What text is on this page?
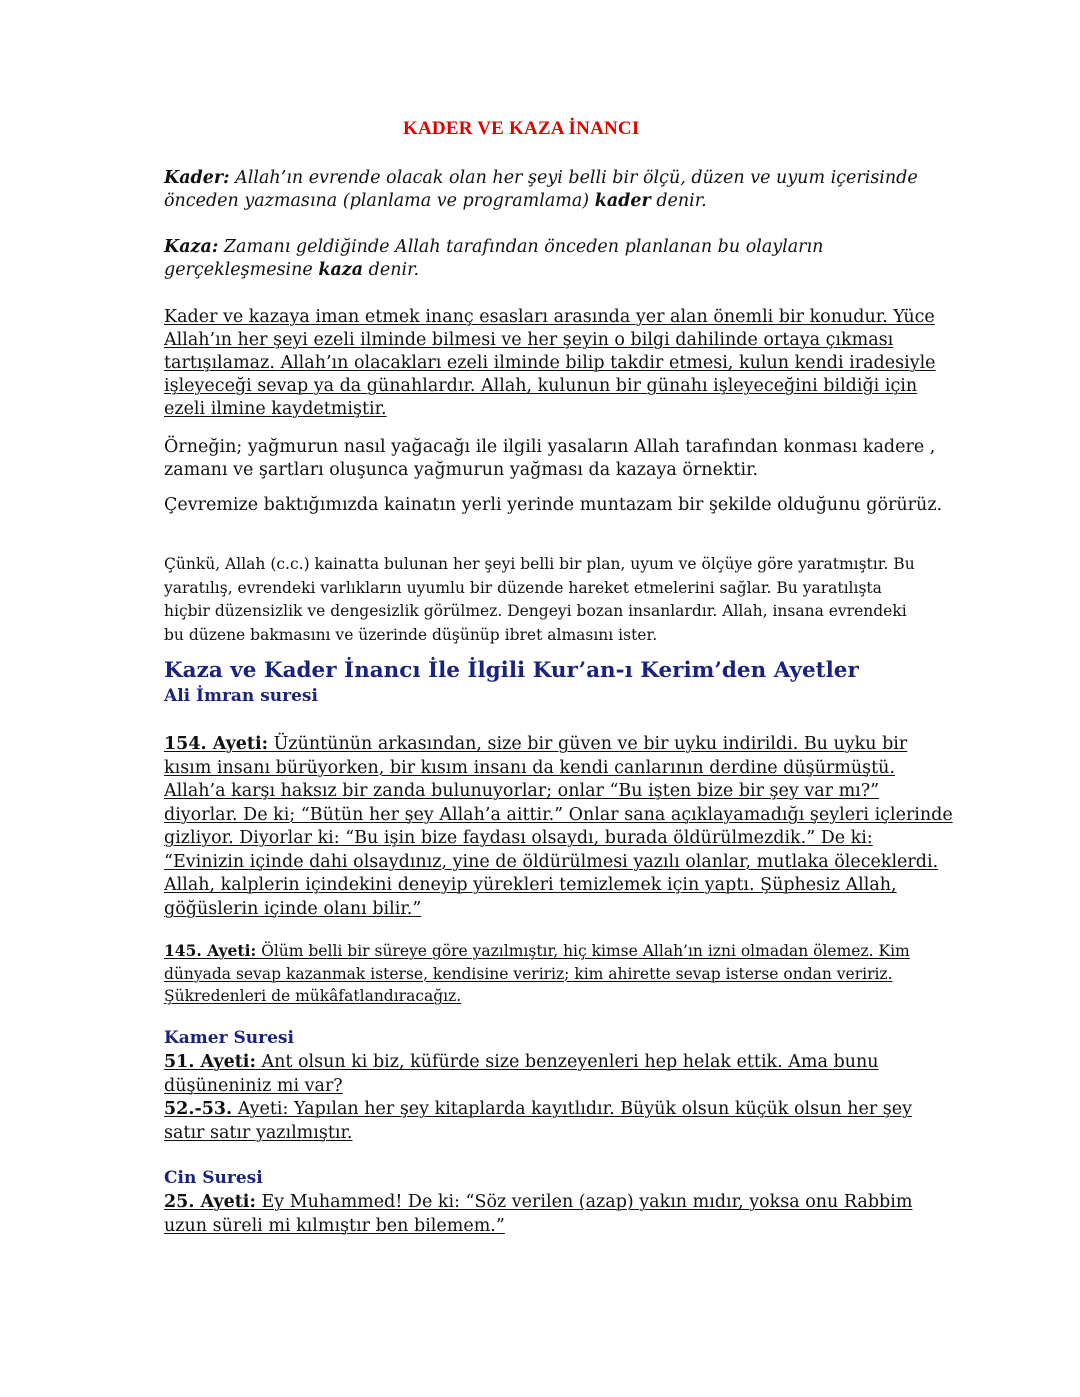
KADER VE KAZA İNANCI
Kader: Allah’ın evrende olacak olan her şeyi belli bir ölçü, düzen ve uyum içerisinde
önceden yazmasına (planlama ve programlama) kader denir.
Kaza: Zamanı geldiğinde Allah tarafından önceden planlanan bu olayların
gerçekleşmesine kaza denir.
Kader ve kazaya iman etmek inanç esasları arasında yer alan önemli bir konudur. Yüce
Allah’ın her şeyi ezeli ilminde bilmesi ve her şeyin o bilgi dahilinde ortaya çıkması
tartışılamaz. Allah’ın olacakları ezeli ilminde bilip takdir etmesi, kulun kendi iradesiyle
işleyeceği sevap ya da günahlardır. Allah, kulunun bir günahı işleyeceğini bildiği için
ezeli ilmine kaydetmiştir.
Örneğin; yağmurun nasıl yağacağı ile ilgili yasaların Allah tarafından konması kadere ,
zamanı ve şartları oluşunca yağmurun yağması da kazaya örnektir.
Çevremize baktığımızda kainatın yerli yerinde muntazam bir şekilde olduğunu görürüz.
Çünkü, Allah (c.c.) kainatta bulunan her şeyi belli bir plan, uyum ve ölçüye göre yaratmıştır. Bu
yaratılış, evrendeki varlıkların uyumlu bir düzende hareket etmelerini sağlar. Bu yaratılışta
hiçbir düzensizlik ve dengesizlik görülmez. Dengeyi bozan insanlardır. Allah, insana evrendeki
bu düzene bakmasını ve üzerinde düşünüp ibret almasını ister.
Kaza ve Kader İnancı İle İlgili Kur’an-ı Kerim’den Ayetler
Ali İmran suresi
154. Ayeti: Üzüntünün arkasından, size bir güven ve bir uyku indirildi. Bu uyku bir
kısım insanı bürüyorken, bir kısım insanı da kendi canlarının derdine düşürmüştü.
Allah’a karşı haksız bir zanda bulunuyorlar; onlar “Bu işten bize bir şey var mı?”
diyorlar. De ki; “Bütün her şey Allah’a aittir.” Onlar sana açıklayamadığı şeyleri içlerinde
gizliyor. Diyorlar ki: “Bu işin bize faydası olsaydı, burada öldürülmezdik.” De ki:
“Evinizin içinde dahi olsaydınız, yine de öldürülmesi yazılı olanlar, mutlaka öleceklerdi.
Allah, kalplerin içindekini deneyip yürekleri temizlemek için yaptı. Şüphesiz Allah,
göğüslerin içinde olanı bilir.”
145. Ayeti: Ölüm belli bir süreye göre yazılmıştır, hiç kimse Allah’ın izni olmadan ölemez. Kim
dünyada sevap kazanmak isterse, kendisine veririz; kim ahirette sevap isterse ondan veririz.
Şükredenleri de mükâfatlandıracağız.
Kamer Suresi
51. Ayeti: Ant olsun ki biz, küfürde size benzeyenleri hep helak ettik. Ama bunu
düşüneniniz mi var?
52.-53. Ayeti: Yapılan her şey kitaplarda kayıtlıdır. Büyük olsun küçük olsun her şey
satır satır yazılmıştır.
Cin Suresi
25. Ayeti: Ey Muhammed! De ki: “Söz verilen (azap) yakın mıdır, yoksa onu Rabbim
uzun süreli mi kılmıştır ben bilemem.”
